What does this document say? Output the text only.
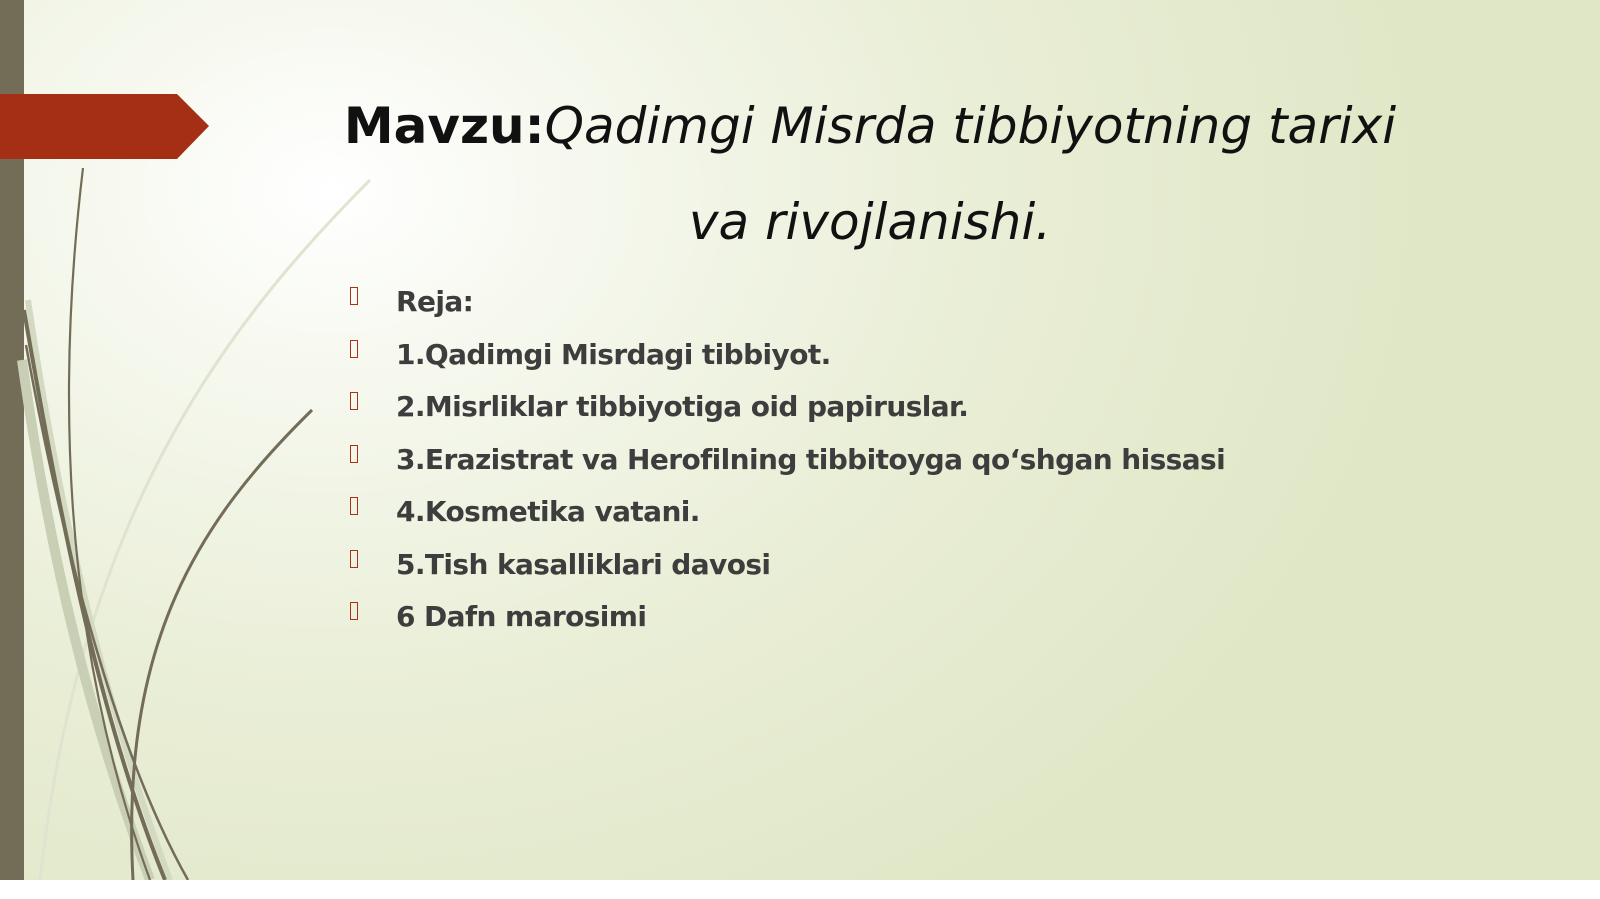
Mavzu:Qadimgi Misrda tibbiyotning tarixi va rivojlanishi.
Reja:
1.Qadimgi Misrdagi tibbiyot.
2.Misrliklar tibbiyotiga oid papiruslar.
3.Erazistrat va Herofilning tibbitoyga qo‘shgan hissasi
4.Kosmetika vatani.
5.Tish kasalliklari davosi
6 Dafn marosimi
